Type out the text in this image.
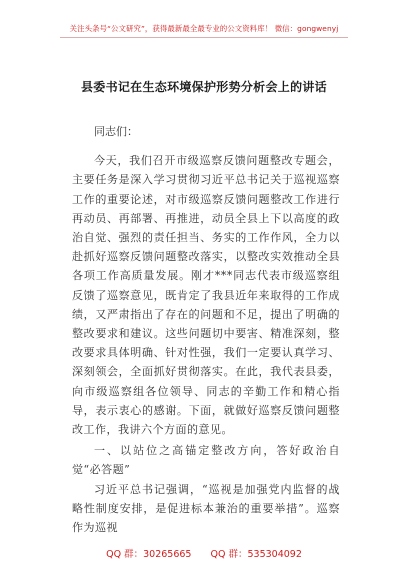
关注头条号“公文研究”，获得最新最全最专业的公文资料库！ 微信：gongwenyj
县委书记在生态环境保护形势分析会上的讲话

同志们：

今天，我们召开市级巡察反馈问题整改专题会，主要任务是深入学习贯彻习近平总书记关于巡视巡察工作的重要论述，对市级巡察反馈问题整改工作进行再动员、再部署、再推进，动员全县上下以高度的政治自觉、强烈的责任担当、务实的工作作风，全力以赴抓好巡察反馈问题整改落实，以整改实效推动全县各项工作高质量发展。刚才***同志代表市级巡察组反馈了巡察意见，既肯定了我县近年来取得的工作成绩，又严肃指出了存在的问题和不足，提出了明确的整改要求和建议。这些问题切中要害、精准深刻，整改要求具体明确、针对性强，我们一定要认真学习、深刻领会，全面抓好贯彻落实。在此，我代表县委，向市级巡察组各位领导、同志的辛勤工作和精心指导，表示衷心的感谢。下面，就做好巡察反馈问题整改工作，我讲六个方面的意见。

一、以站位之高锚定整改方向，答好政治自觉“必答题”

习近平总书记强调，“巡视是加强党内监督的战略性制度安排，是促进标本兼治的重要举措”。巡察作为巡视

QQ 群：30265665 QQ 群：535304092
